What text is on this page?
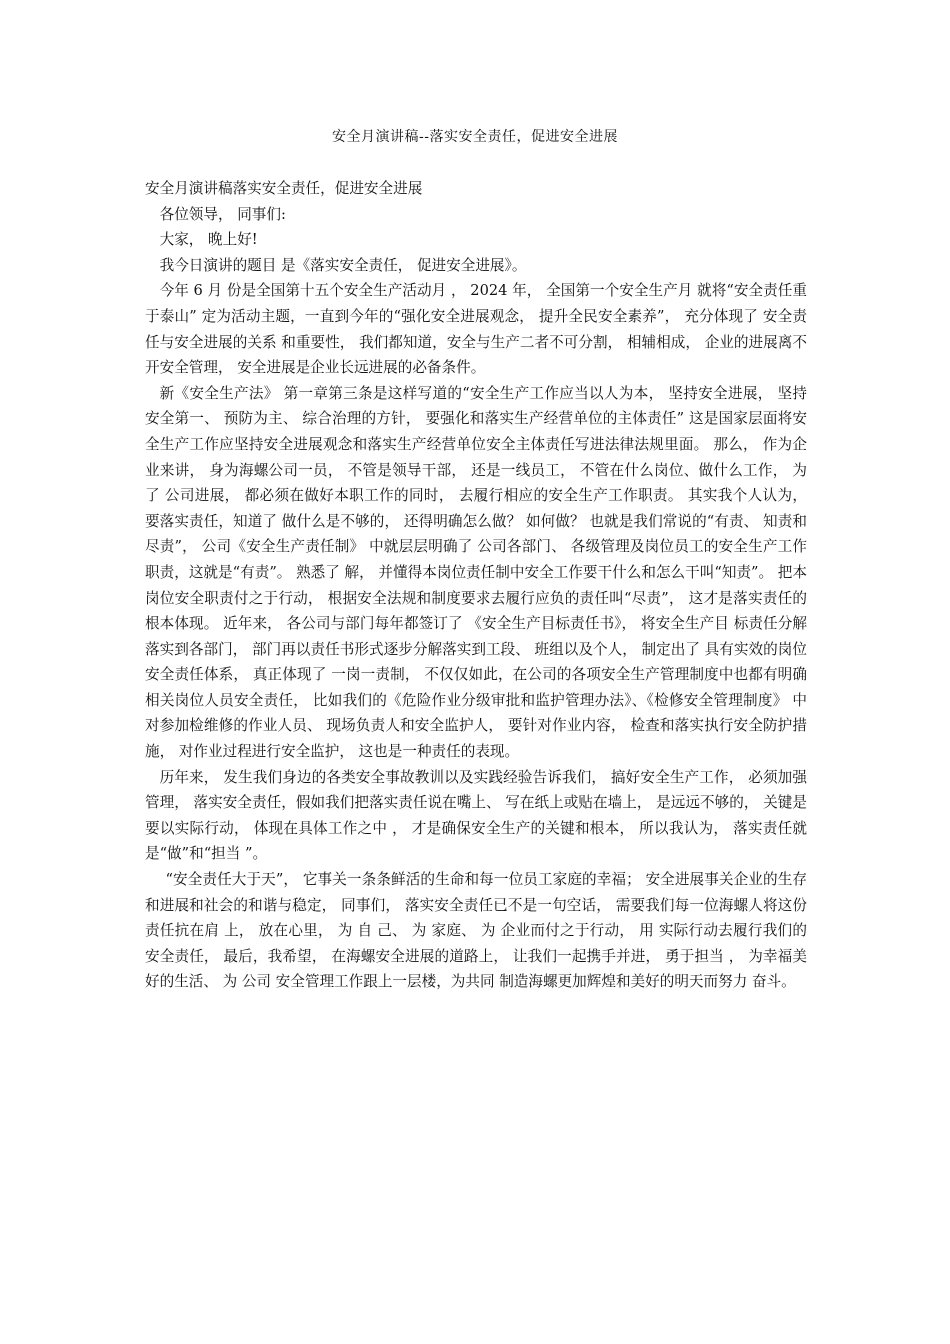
安全月演讲稿--落实安全责任，促进安全进展

安全月演讲稿落实安全责任，促进安全进展

各位领导， 同事们:

大家， 晚上好!

我今日演讲的题目 是《落实安全责任， 促进安全进展》。

今年 6 月 份是全国第十五个安全生产活动月 ， 2024 年， 全国第一个安全生产月 就将“安全责任重于泰山” 定为活动主题，一直到今年的“强化安全进展观念， 提升全民安全素养”， 充分体现了 安全责任与安全进展的关系 和重要性， 我们都知道，安全与生产二者不可分割， 相辅相成， 企业的进展离不开安全管理， 安全进展是企业长远进展的必备条件。

新《安全生产法》 第一章第三条是这样写道的“安全生产工作应当以人为本， 坚持安全进展， 坚持安全第一、 预防为主、 综合治理的方针， 要强化和落实生产经营单位的主体责任” 这是国家层面将安全生产工作应坚持安全进展观念和落实生产经营单位安全主体责任写进法律法规里面。 那么， 作为企业来讲， 身为海螺公司一员， 不管是领导干部， 还是一线员工， 不管在什么岗位、做什么工作， 为了 公司进展， 都必须在做好本职工作的同时， 去履行相应的安全生产工作职责。 其实我个人认为， 要落实责任，知道了 做什么是不够的， 还得明确怎么做？ 如何做？ 也就是我们常说的“有责、 知责和尽责”， 公司《安全生产责任制》 中就层层明确了 公司各部门、 各级管理及岗位员工的安全生产工作职责，这就是“有责”。 熟悉了 解， 并懂得本岗位责任制中安全工作要干什么和怎么干叫“知责”。 把本岗位安全职责付之于行动， 根据安全法规和制度要求去履行应负的责任叫“尽责”， 这才是落实责任的根本体现。 近年来， 各公司与部门每年都签订了 《安全生产目标责任书》， 将安全生产目 标责任分解落实到各部门， 部门再以责任书形式逐步分解落实到工段、 班组以及个人， 制定出了 具有实效的岗位安全责任体系， 真正体现了 一岗一责制， 不仅仅如此，在公司的各项安全生产管理制度中也都有明确相关岗位人员安全责任， 比如我们的《危险作业分级审批和监护管理办法》、《检修安全管理制度》 中对参加检维修的作业人员、 现场负责人和安全监护人， 要针对作业内容， 检查和落实执行安全防护措施， 对作业过程进行安全监护， 这也是一种责任的表现。

历年来， 发生我们身边的各类安全事故教训以及实践经验告诉我们， 搞好安全生产工作， 必须加强管理， 落实安全责任，假如我们把落实责任说在嘴上、 写在纸上或贴在墙上， 是远远不够的， 关键是要以实际行动， 体现在具体工作之中 ， 才是确保安全生产的关键和根本， 所以我认为， 落实责任就是“做”和“担当 ”。

“安全责任大于天”， 它事关一条条鲜活的生命和每一位员工家庭的幸福； 安全进展事关企业的生存和进展和社会的和谐与稳定， 同事们， 落实安全责任已不是一句空话， 需要我们每一位海螺人将这份责任抗在肩 上， 放在心里， 为 自 己、 为 家庭、 为 企业而付之于行动， 用 实际行动去履行我们的安全责任， 最后，我希望， 在海螺安全进展的道路上， 让我们一起携手并进， 勇于担当 ， 为幸福美好的生活、 为 公司 安全管理工作跟上一层楼，为共同 制造海螺更加辉煌和美好的明天而努力 奋斗。
